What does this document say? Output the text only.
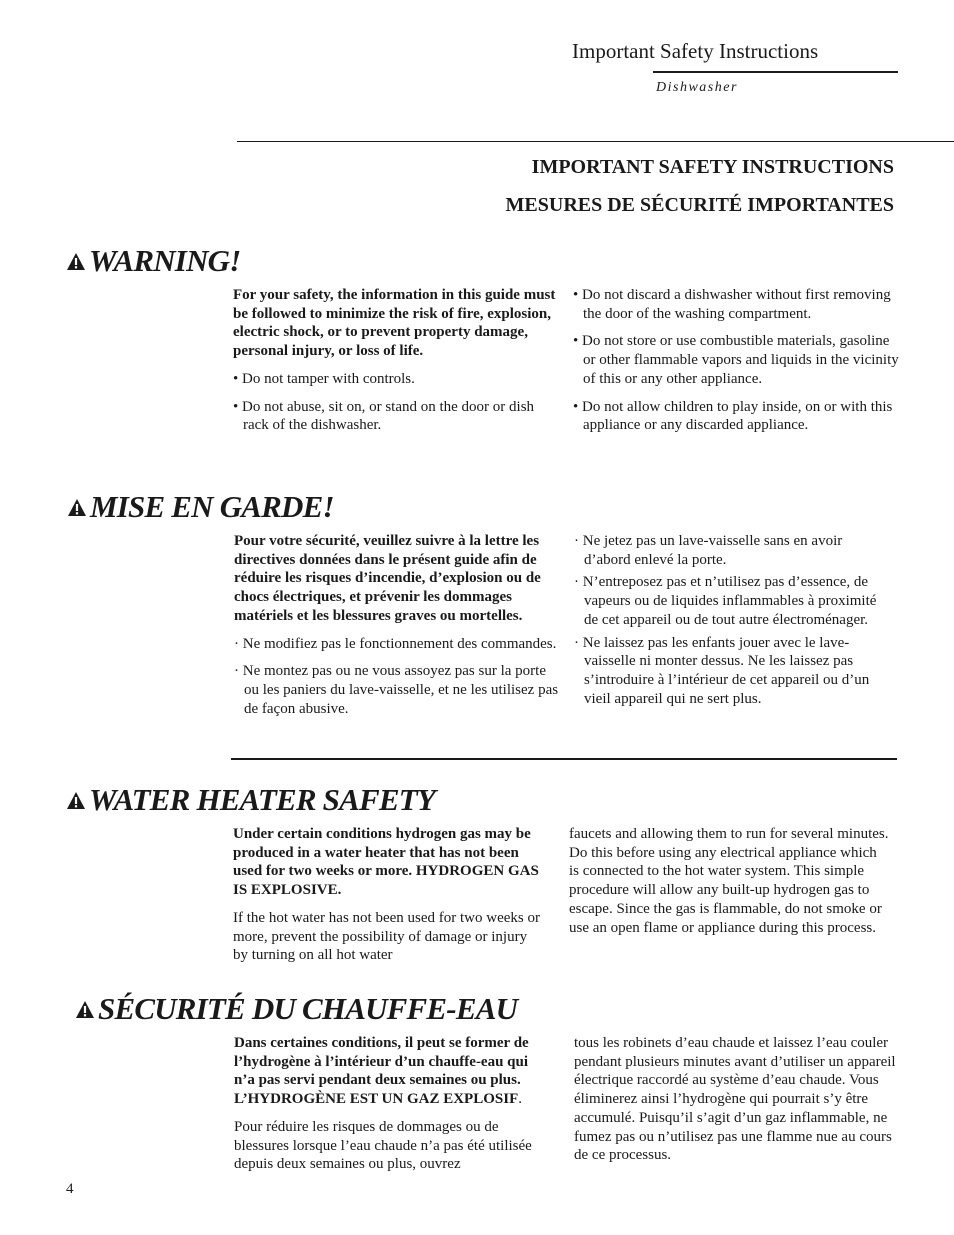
Important Safety Instructions
Dishwasher
IMPORTANT SAFETY INSTRUCTIONS
MESURES DE SÉCURITÉ IMPORTANTES
WARNING!

For your safety, the information in this guide must be followed to minimize the risk of fire, explosion, electric shock, or to prevent property damage, personal injury, or loss of life.

• Do not tamper with controls.

• Do not abuse, sit on, or stand on the door or dish rack of the dishwasher.

• Do not discard a dishwasher without first removing the door of the washing compartment.

• Do not store or use combustible materials, gasoline or other flammable vapors and liquids in the vicinity of this or any other appliance.

• Do not allow children to play inside, on or with this appliance or any discarded appliance.

MISE EN GARDE!

Pour votre sécurité, veuillez suivre à la lettre les directives données dans le présent guide afin de réduire les risques d’incendie, d’explosion ou de chocs électriques, et prévenir les dommages matériels et les blessures graves ou mortelles.

· Ne modifiez pas le fonctionnement des commandes.

· Ne montez pas ou ne vous assoyez pas sur la porte ou les paniers du lave-vaisselle, et ne les utilisez pas de façon abusive.

· Ne jetez pas un lave-vaisselle sans en avoir d’abord enlevé la porte.

· N’entreposez pas et n’utilisez pas d’essence, de vapeurs ou de liquides inflammables à proximité de cet appareil ou de tout autre électroménager.

· Ne laissez pas les enfants jouer avec le lave-vaisselle ni monter dessus. Ne les laissez pas s’introduire à l’intérieur de cet appareil ou d’un vieil appareil qui ne sert plus.

WATER HEATER SAFETY

Under certain conditions hydrogen gas may be produced in a water heater that has not been used for two weeks or more. HYDROGEN GAS IS EXPLOSIVE.

If the hot water has not been used for two weeks or more, prevent the possibility of damage or injury by turning on all hot water

faucets and allowing them to run for several minutes. Do this before using any electrical appliance which is connected to the hot water system. This simple procedure will allow any built-up hydrogen gas to escape. Since the gas is flammable, do not smoke or use an open flame or appliance during this process.

SÉCURITÉ DU CHAUFFE-EAU

Dans certaines conditions, il peut se former de l’hydrogène à l’intérieur d’un chauffe-eau qui n’a pas servi pendant deux semaines ou plus. L’HYDROGÈNE EST UN GAZ EXPLOSIF.

Pour réduire les risques de dommages ou de blessures lorsque l’eau chaude n’a pas été utilisée depuis deux semaines ou plus, ouvrez

tous les robinets d’eau chaude et laissez l’eau couler pendant plusieurs minutes avant d’utiliser un appareil électrique raccordé au système d’eau chaude. Vous éliminerez ainsi l’hydrogène qui pourrait s’y être accumulé. Puisqu’il s’agit d’un gaz inflammable, ne fumez pas ou n’utilisez pas une flamme nue au cours de ce processus.

4
